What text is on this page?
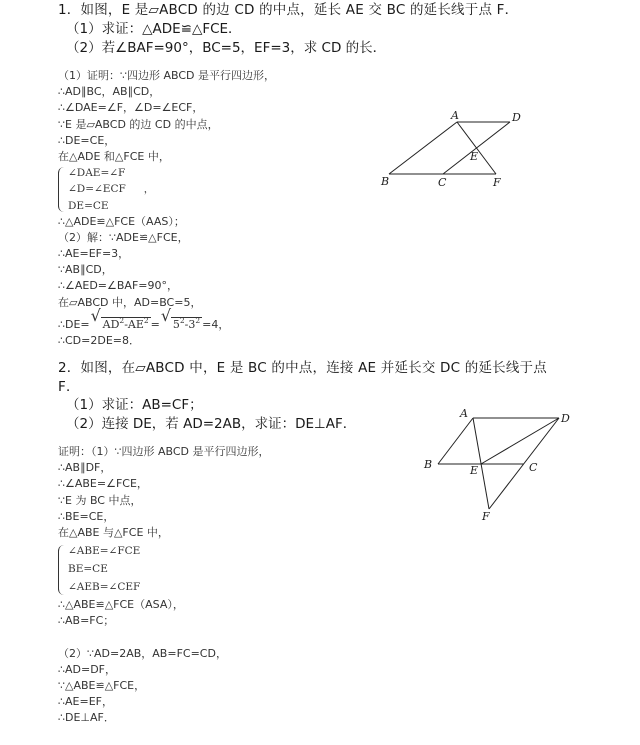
1．如图，E 是▱ABCD 的边 CD 的中点，延长 AE 交 BC 的延长线于点 F．
（1）求证：△ADE≌△FCE．
（2）若∠BAF=90°，BC=5，EF=3，求 CD 的长．
（1）证明：∵四边形 ABCD 是平行四边形，
∴AD∥BC，AB∥CD，
∴∠DAE=∠F，∠D=∠ECF，
∵E 是▱ABCD 的边 CD 的中点，
∴DE=CE，
在△ADE 和△FCE 中，
∠DAE=∠F
∠D=∠ECF ，
DE=CE
∴△ADE≌△FCE（AAS）；
（2）解：∵ADE≌△FCE，
∴AE=EF=3，
∵AB∥CD，
∴∠AED=∠BAF=90°，
在▱ABCD 中，AD=BC=5，
∴DE= √ $AD^2-AE^2$ = √ $5^2-3^2 =4$，
∴CD=2DE=8．
A	D
E
B	C	F
2．如图，在▱ABCD 中，E 是 BC 的中点，连接 AE 并延长交 DC 的延长线于点
F．
（1）求证：AB=CF；
（2）连接 DE，若 AD=2AB，求证：DE⊥AF．
证明：（1）∵四边形 ABCD 是平行四边形，
∴AB∥DF，
∴∠ABE=∠FCE，
∵E 为 BC 中点，
∴BE=CE，
在△ABE 与△FCE 中，
∠ABE=∠FCE
BE=CE
∠AEB=∠CEF
∴△ABE≌△FCE（ASA），
∴AB=FC；
（2）∵AD=2AB，AB=FC=CD，
∴AD=DF，
∵△ABE≌△FCE，
∴AE=EF，
∴DE⊥AF．
A	D
B	E	C
F
